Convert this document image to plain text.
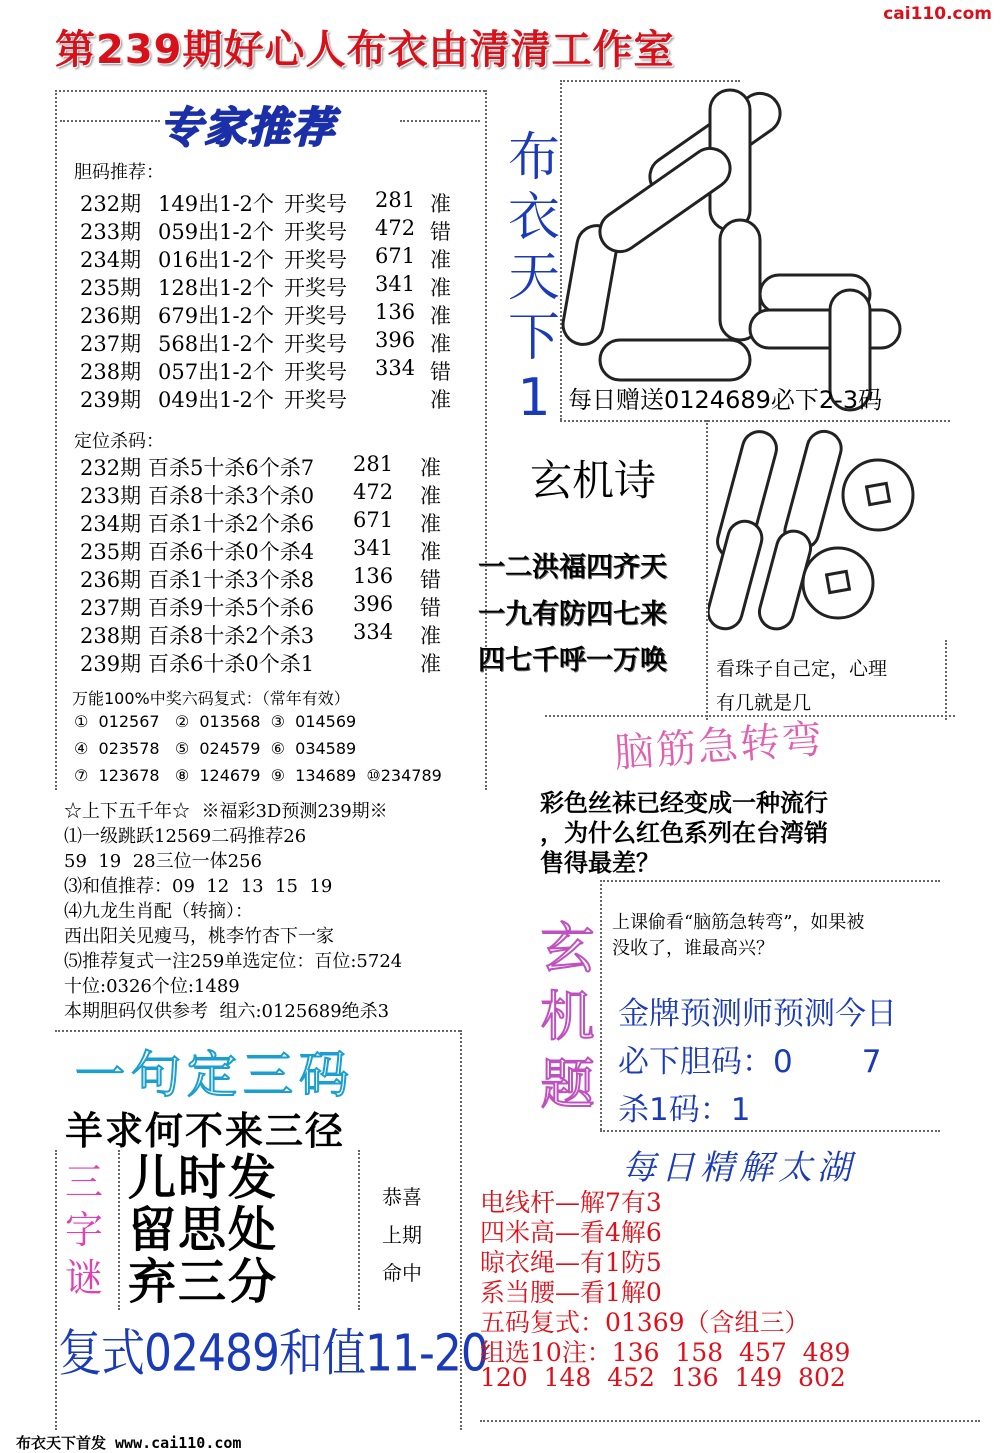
第239期好心人布衣由清清工作室
cai110.com
专家推荐
胆码推荐：
232期 149出1-2个 开奖号 281 准
233期 059出1-2个 开奖号 472 错
234期 016出1-2个 开奖号 671 准
235期 128出1-2个 开奖号 341 准
236期 679出1-2个 开奖号 136 准
237期 568出1-2个 开奖号 396 准
238期 057出1-2个 开奖号 334 错
239期 049出1-2个 开奖号	准
定位杀码：
232期 百杀5十杀6个杀7 281 准
233期 百杀8十杀3个杀0 472 准
234期 百杀1十杀2个杀6 671 准
235期 百杀6十杀0个杀4 341 准
236期 百杀1十杀3个杀8 136 错
237期 百杀9十杀5个杀6 396 错
238期 百杀8十杀2个杀3 334 准
239期 百杀6十杀0个杀1	准
万能100%中奖六码复式：（常年有效）
①  012567   ②  013568  ③  014569
④  023578   ⑤  024579  ⑥  034589
⑦  123678   ⑧  124679  ⑨  134689  ⑩234789
☆上下五千年☆  ※福彩3D预测239期※
⑴一级跳跃12569二码推荐26
59  19  28三位一体256
⑶和值推荐：09  12  13  15  19
⑷九龙生肖配（转摘）：
西出阳关见瘦马，桃李竹杏下一家
⑸推荐复式一注259单选定位：百位:5724
十位:0326个位:1489
本期胆码仅供参考  组六:0125689绝杀3
一句定三码
羊求何不来三径
三
字
谜
儿时发
留思处
弃三分
恭喜
上期
命中
复式02489和值11-20
布
衣
天
下
1 每日赠送0124689必下2-3码
玄机诗
一二洪福四齐天
一九有防四七来
四七千呼一万唤	看珠子自己定，心理
有几就是几
脑筋急转弯
彩色丝袜已经变成一种流行
，为什么红色系列在台湾销
售得最差？
玄
机
题
上课偷看“脑筋急转弯”，如果被
没收了，谁最高兴？
金牌预测师预测今日
必下胆码：0       7
杀1码：1
每日精解太湖
电线杆—解7有3
四米高—看4解6
晾衣绳—有1防5
系当腰—看1解0
五码复式：01369（含组三）
组选10注：136  158  457  489
120  148  452  136  149  802
布衣天下首发 www.cai110.com
